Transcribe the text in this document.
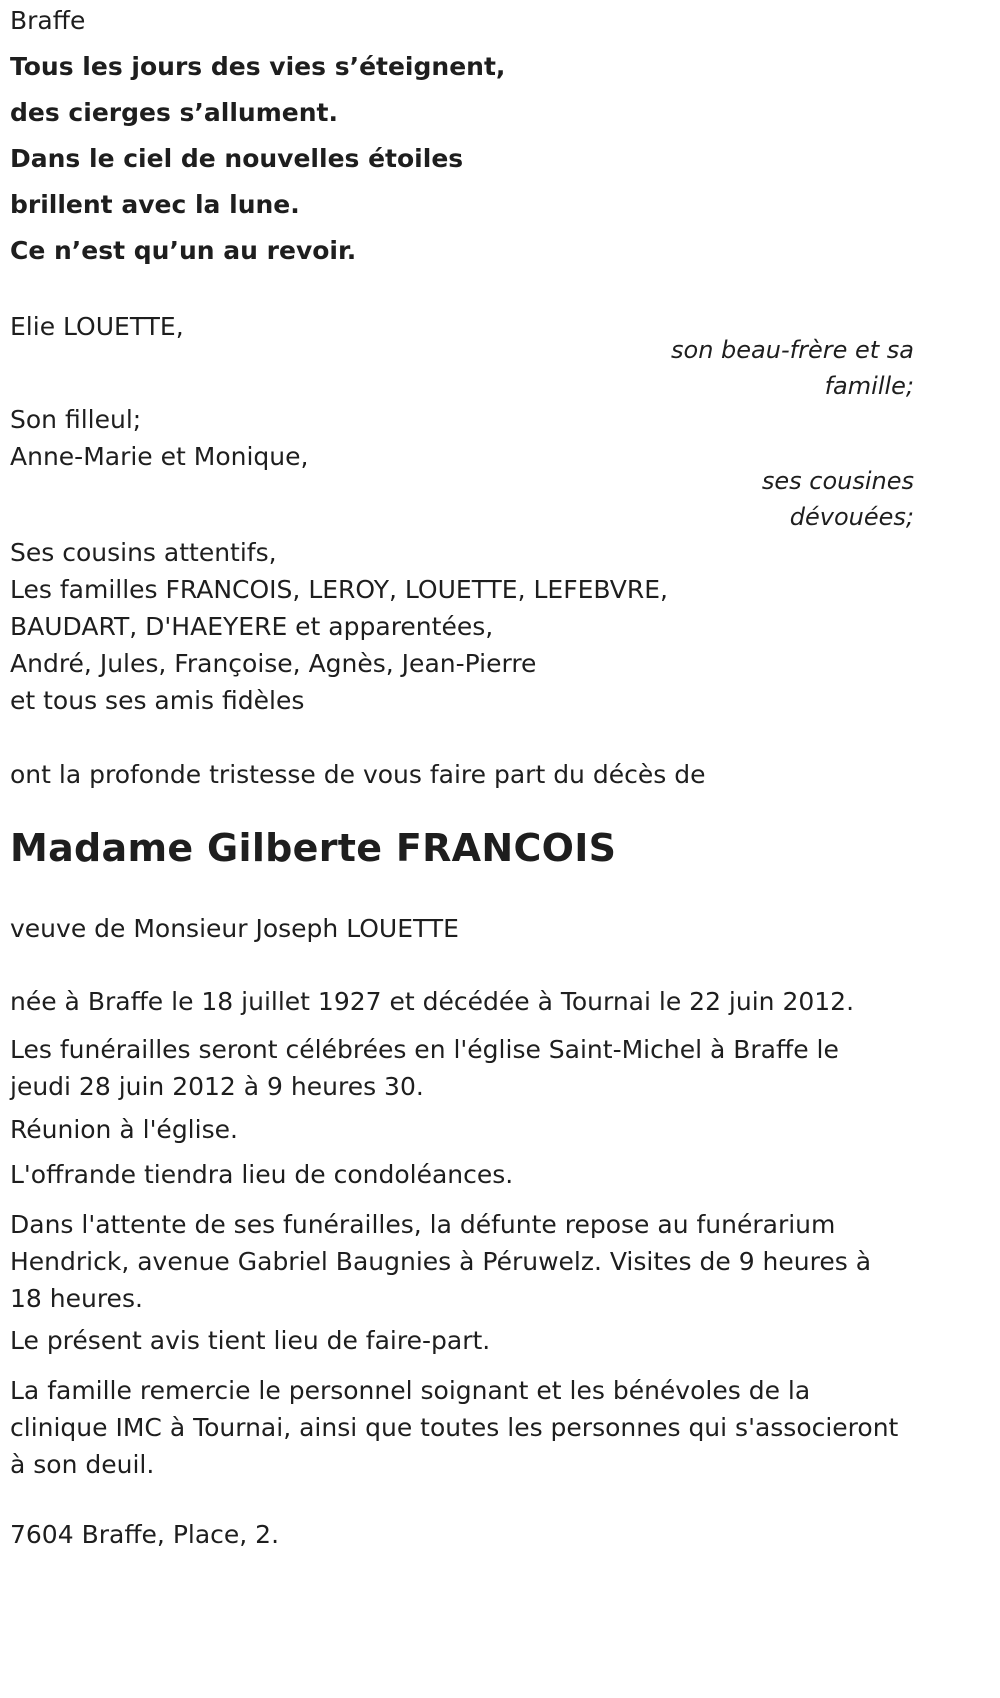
Braffe
Tous les jours des vies s’éteignent,
des cierges s’allument.
Dans le ciel de nouvelles étoiles
brillent avec la lune.
Ce n’est qu’un au revoir.
Elie LOUETTE,
son beau-frère et sa
famille;
Son filleul;
Anne-Marie et Monique,
ses cousines
dévouées;
Ses cousins attentifs,
Les familles FRANCOIS, LEROY, LOUETTE, LEFEBVRE,
BAUDART, D'HAEYERE et apparentées,
André, Jules, Françoise, Agnès, Jean-Pierre
et tous ses amis fidèles
ont la profonde tristesse de vous faire part du décès de
Madame Gilberte FRANCOIS
veuve de Monsieur Joseph LOUETTE
née à Braffe le 18 juillet 1927 et décédée à Tournai le 22 juin 2012.

Les funérailles seront célébrées en l'église Saint-Michel à Braffe le jeudi 28 juin 2012 à 9 heures 30.

Réunion à l'église.
L'offrande tiendra lieu de condoléances.

Dans l'attente de ses funérailles, la défunte repose au funérarium Hendrick, avenue Gabriel Baugnies à Péruwelz. Visites de 9 heures à 18 heures.

Le présent avis tient lieu de faire-part.

La famille remercie le personnel soignant et les bénévoles de la clinique IMC à Tournai, ainsi que toutes les personnes qui s'associeront à son deuil.

7604 Braffe, Place, 2.
